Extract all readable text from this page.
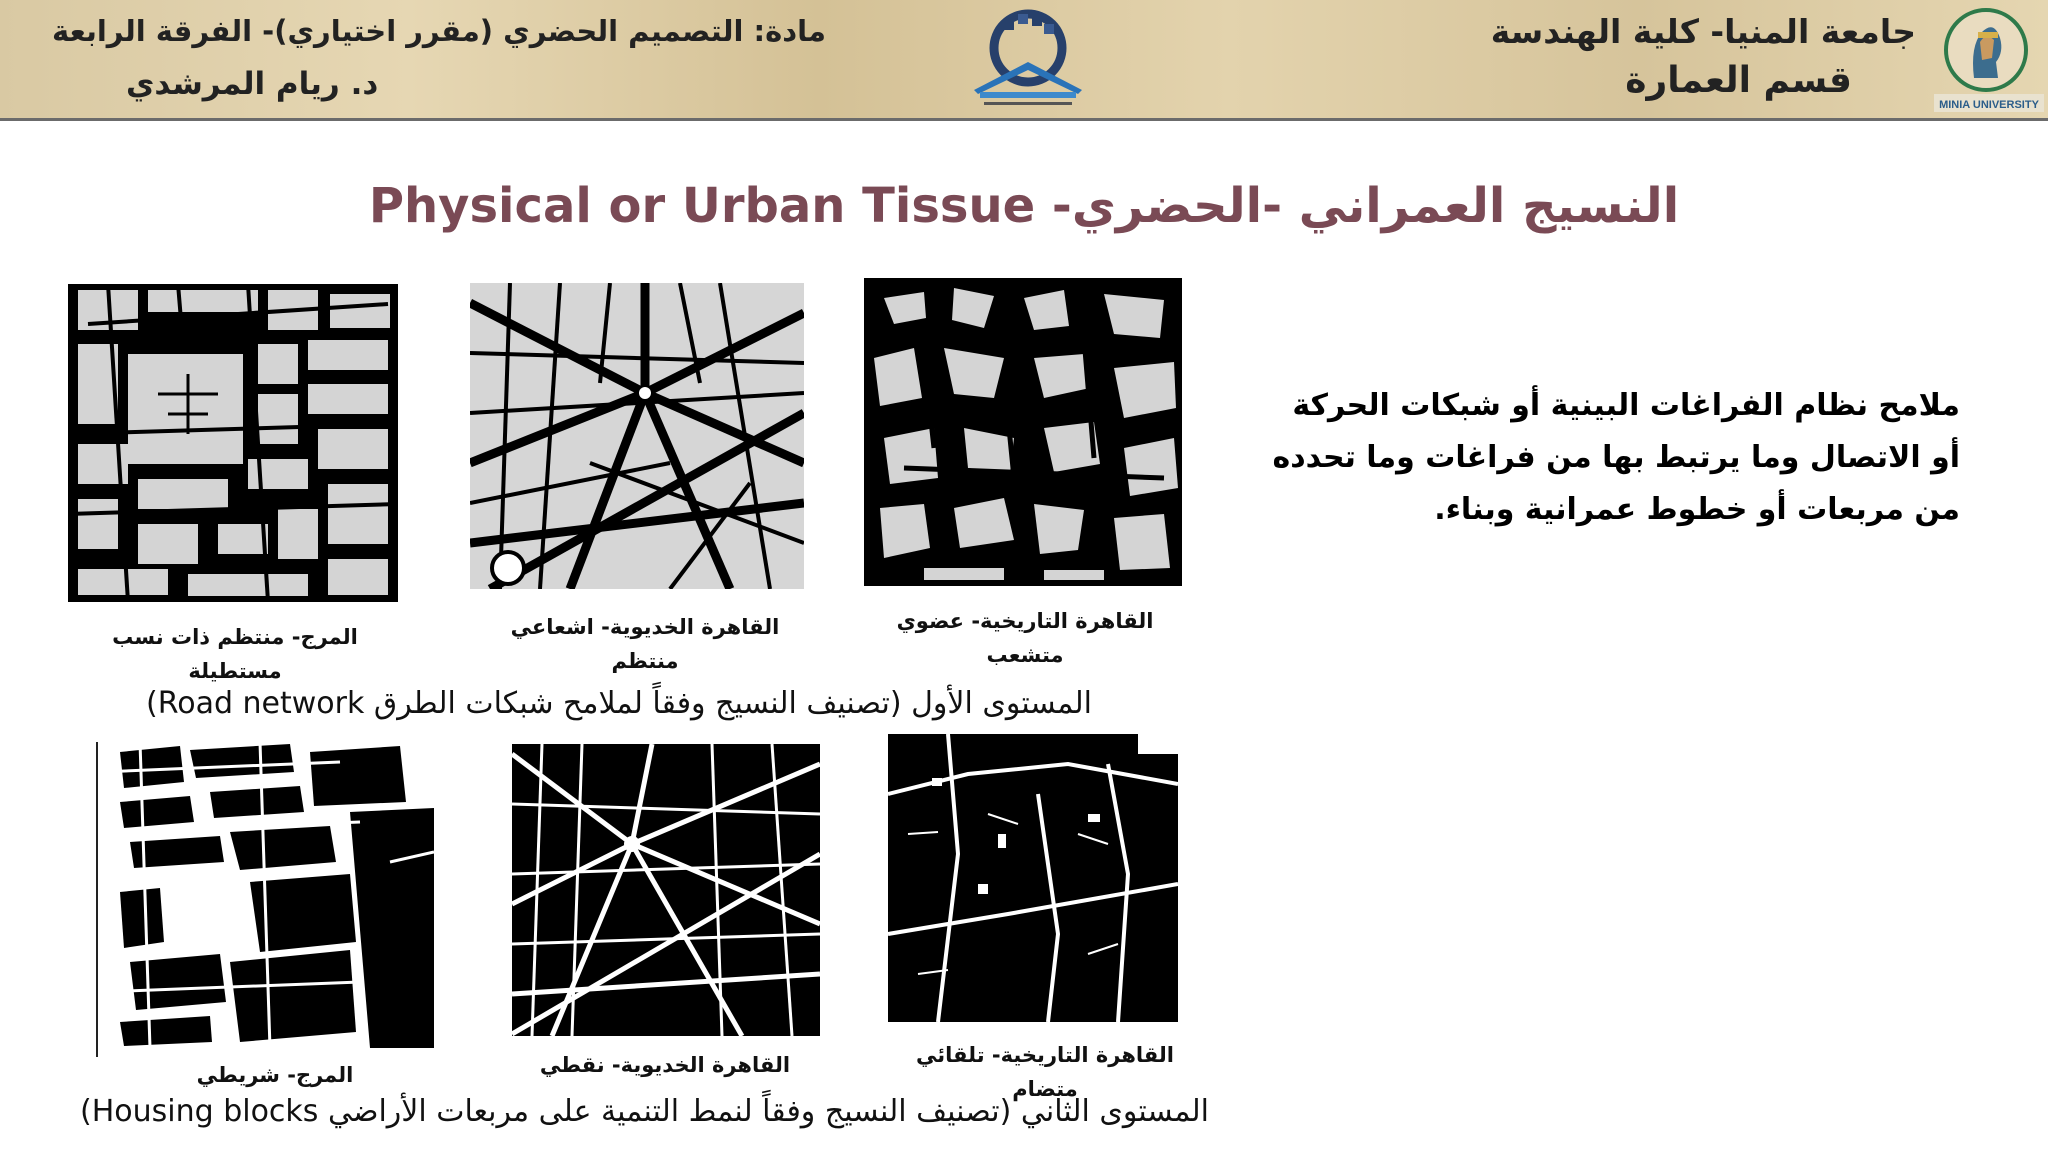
مادة: التصميم الحضري (مقرر اختياري)- الفرقة الرابعة
د. ريام المرشدي
جامعة المنيا- كلية الهندسة
قسم العمارة
MINIA UNIVERSITY
Physical or Urban Tissue النسيج العمراني -الحضري-
ملامح نظام الفراغات البينية أو شبكات الحركة أو الاتصال وما يرتبط بها من فراغات وما تحدده من مربعات أو خطوط عمرانية وبناء.
المرج- منتظم ذات نسب مستطيلة
القاهرة الخديوية- اشعاعي منتظم
القاهرة التاريخية- عضوي متشعب
(Road network المستوى الأول (تصنيف النسيج وفقاً لملامح شبكات الطرق
المرج- شريطي	القاهرة الخديوية- نقطي	القاهرة التاريخية- تلقائي متضام
(Housing blocks المستوى الثاني (تصنيف النسيج وفقاً لنمط التنمية على مربعات الأراضي
